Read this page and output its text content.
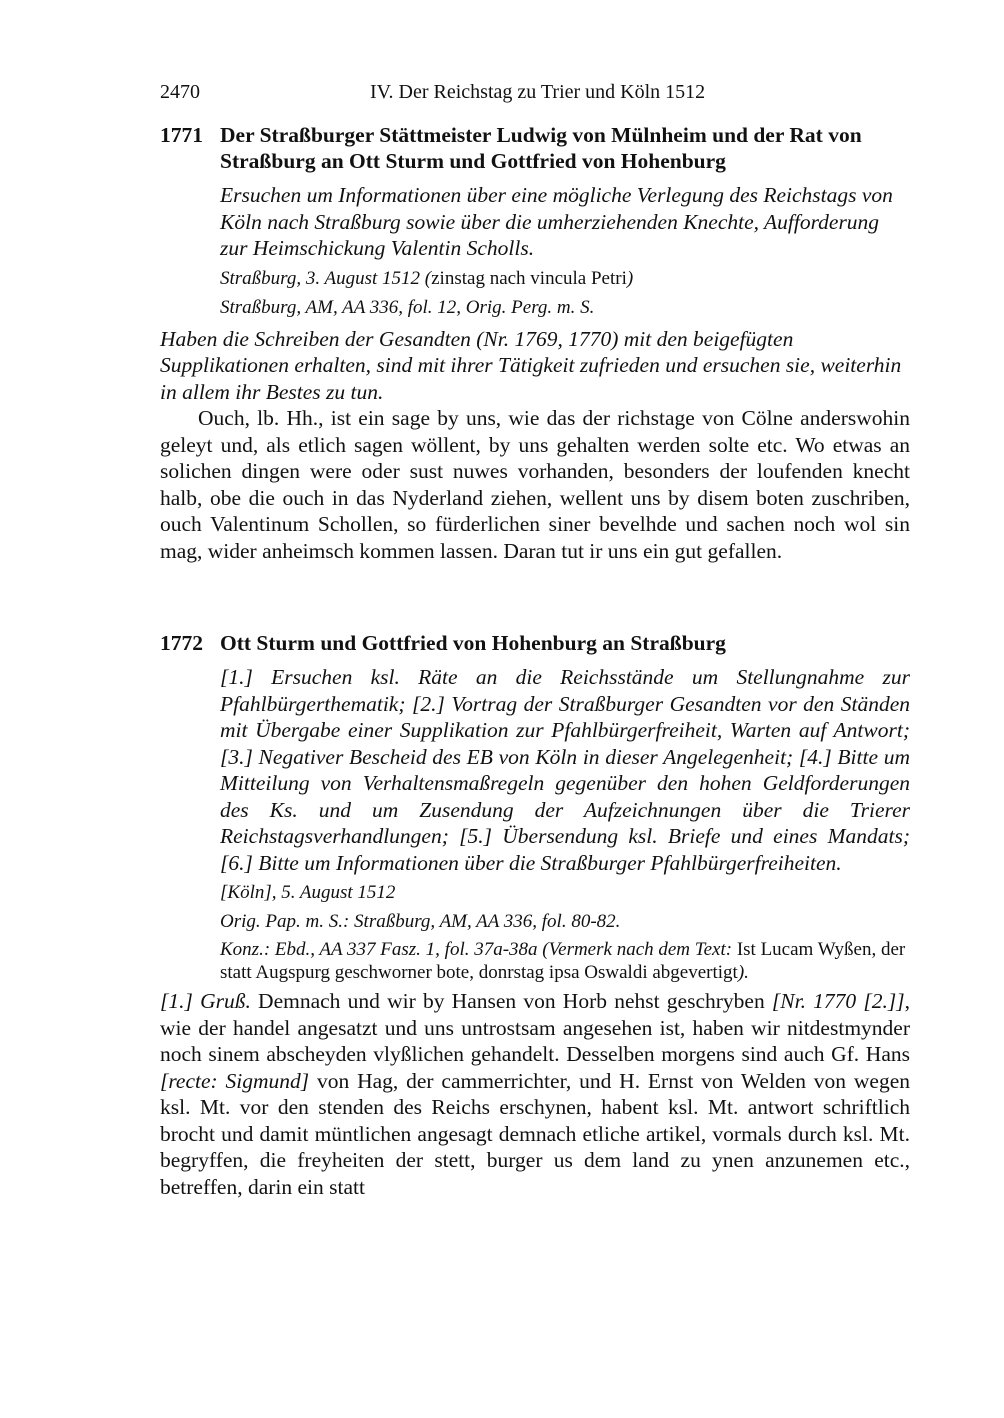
2470	IV. Der Reichstag zu Trier und Köln 1512
1771 Der Straßburger Stättmeister Ludwig von Mülnheim und der Rat von Straßburg an Ott Sturm und Gottfried von Hohenburg
Ersuchen um Informationen über eine mögliche Verlegung des Reichstags von Köln nach Straßburg sowie über die umherziehenden Knechte, Aufforderung zur Heimschickung Valentin Scholls.
Straßburg, 3. August 1512 (zinstag nach vincula Petri)
Straßburg, AM, AA 336, fol. 12, Orig. Perg. m. S.
Haben die Schreiben der Gesandten (Nr. 1769, 1770) mit den beigefügten Supplikationen erhalten, sind mit ihrer Tätigkeit zufrieden und ersuchen sie, weiterhin in allem ihr Bestes zu tun.
Ouch, lb. Hh., ist ein sage by uns, wie das der richstage von Cölne anderswohin geleyt und, als etlich sagen wöllent, by uns gehalten werden solte etc. Wo etwas an solichen dingen were oder sust nuwes vorhanden, besonders der loufenden knecht halb, obe die ouch in das Nyderland ziehen, wellent uns by disem boten zuschriben, ouch Valentinum Schollen, so fürderlichen siner bevelhde und sachen noch wol sin mag, wider anheimsch kommen lassen. Daran tut ir uns ein gut gefallen.
1772 Ott Sturm und Gottfried von Hohenburg an Straßburg
[1.] Ersuchen ksl. Räte an die Reichsstände um Stellungnahme zur Pfahlbürgerthematik; [2.] Vortrag der Straßburger Gesandten vor den Ständen mit Übergabe einer Supplikation zur Pfahlbürgerfreiheit, Warten auf Antwort; [3.] Negativer Bescheid des EB von Köln in dieser Angelegenheit; [4.] Bitte um Mitteilung von Verhaltensmaßregeln gegenüber den hohen Geldforderungen des Ks. und um Zusendung der Aufzeichnungen über die Trierer Reichstagsverhandlungen; [5.] Übersendung ksl. Briefe und eines Mandats; [6.] Bitte um Informationen über die Straßburger Pfahlbürgerfreiheiten.
[Köln], 5. August 1512
Orig. Pap. m. S.: Straßburg, AM, AA 336, fol. 80-82.
Konz.: Ebd., AA 337 Fasz. 1, fol. 37a-38a (Vermerk nach dem Text: Ist Lucam Wyßen, der statt Augspurg geschworner bote, donrstag ipsa Oswaldi abgevertigt).
[1.] Gruß. Demnach und wir by Hansen von Horb nehst geschryben [Nr. 1770 [2.]], wie der handel angesatzt und uns untrostsam angesehen ist, haben wir nitdestmynder noch sinem abscheyden vlyßlichen gehandelt. Desselben morgens sind auch Gf. Hans [recte: Sigmund] von Hag, der cammerrichter, und H. Ernst von Welden von wegen ksl. Mt. vor den stenden des Reichs erschynen, habent ksl. Mt. antwort schriftlich brocht und damit müntlichen angesagt demnach etliche artikel, vormals durch ksl. Mt. begryffen, die freyheiten der stett, burger us dem land zu ynen anzunemen etc., betreffen, darin ein statt
